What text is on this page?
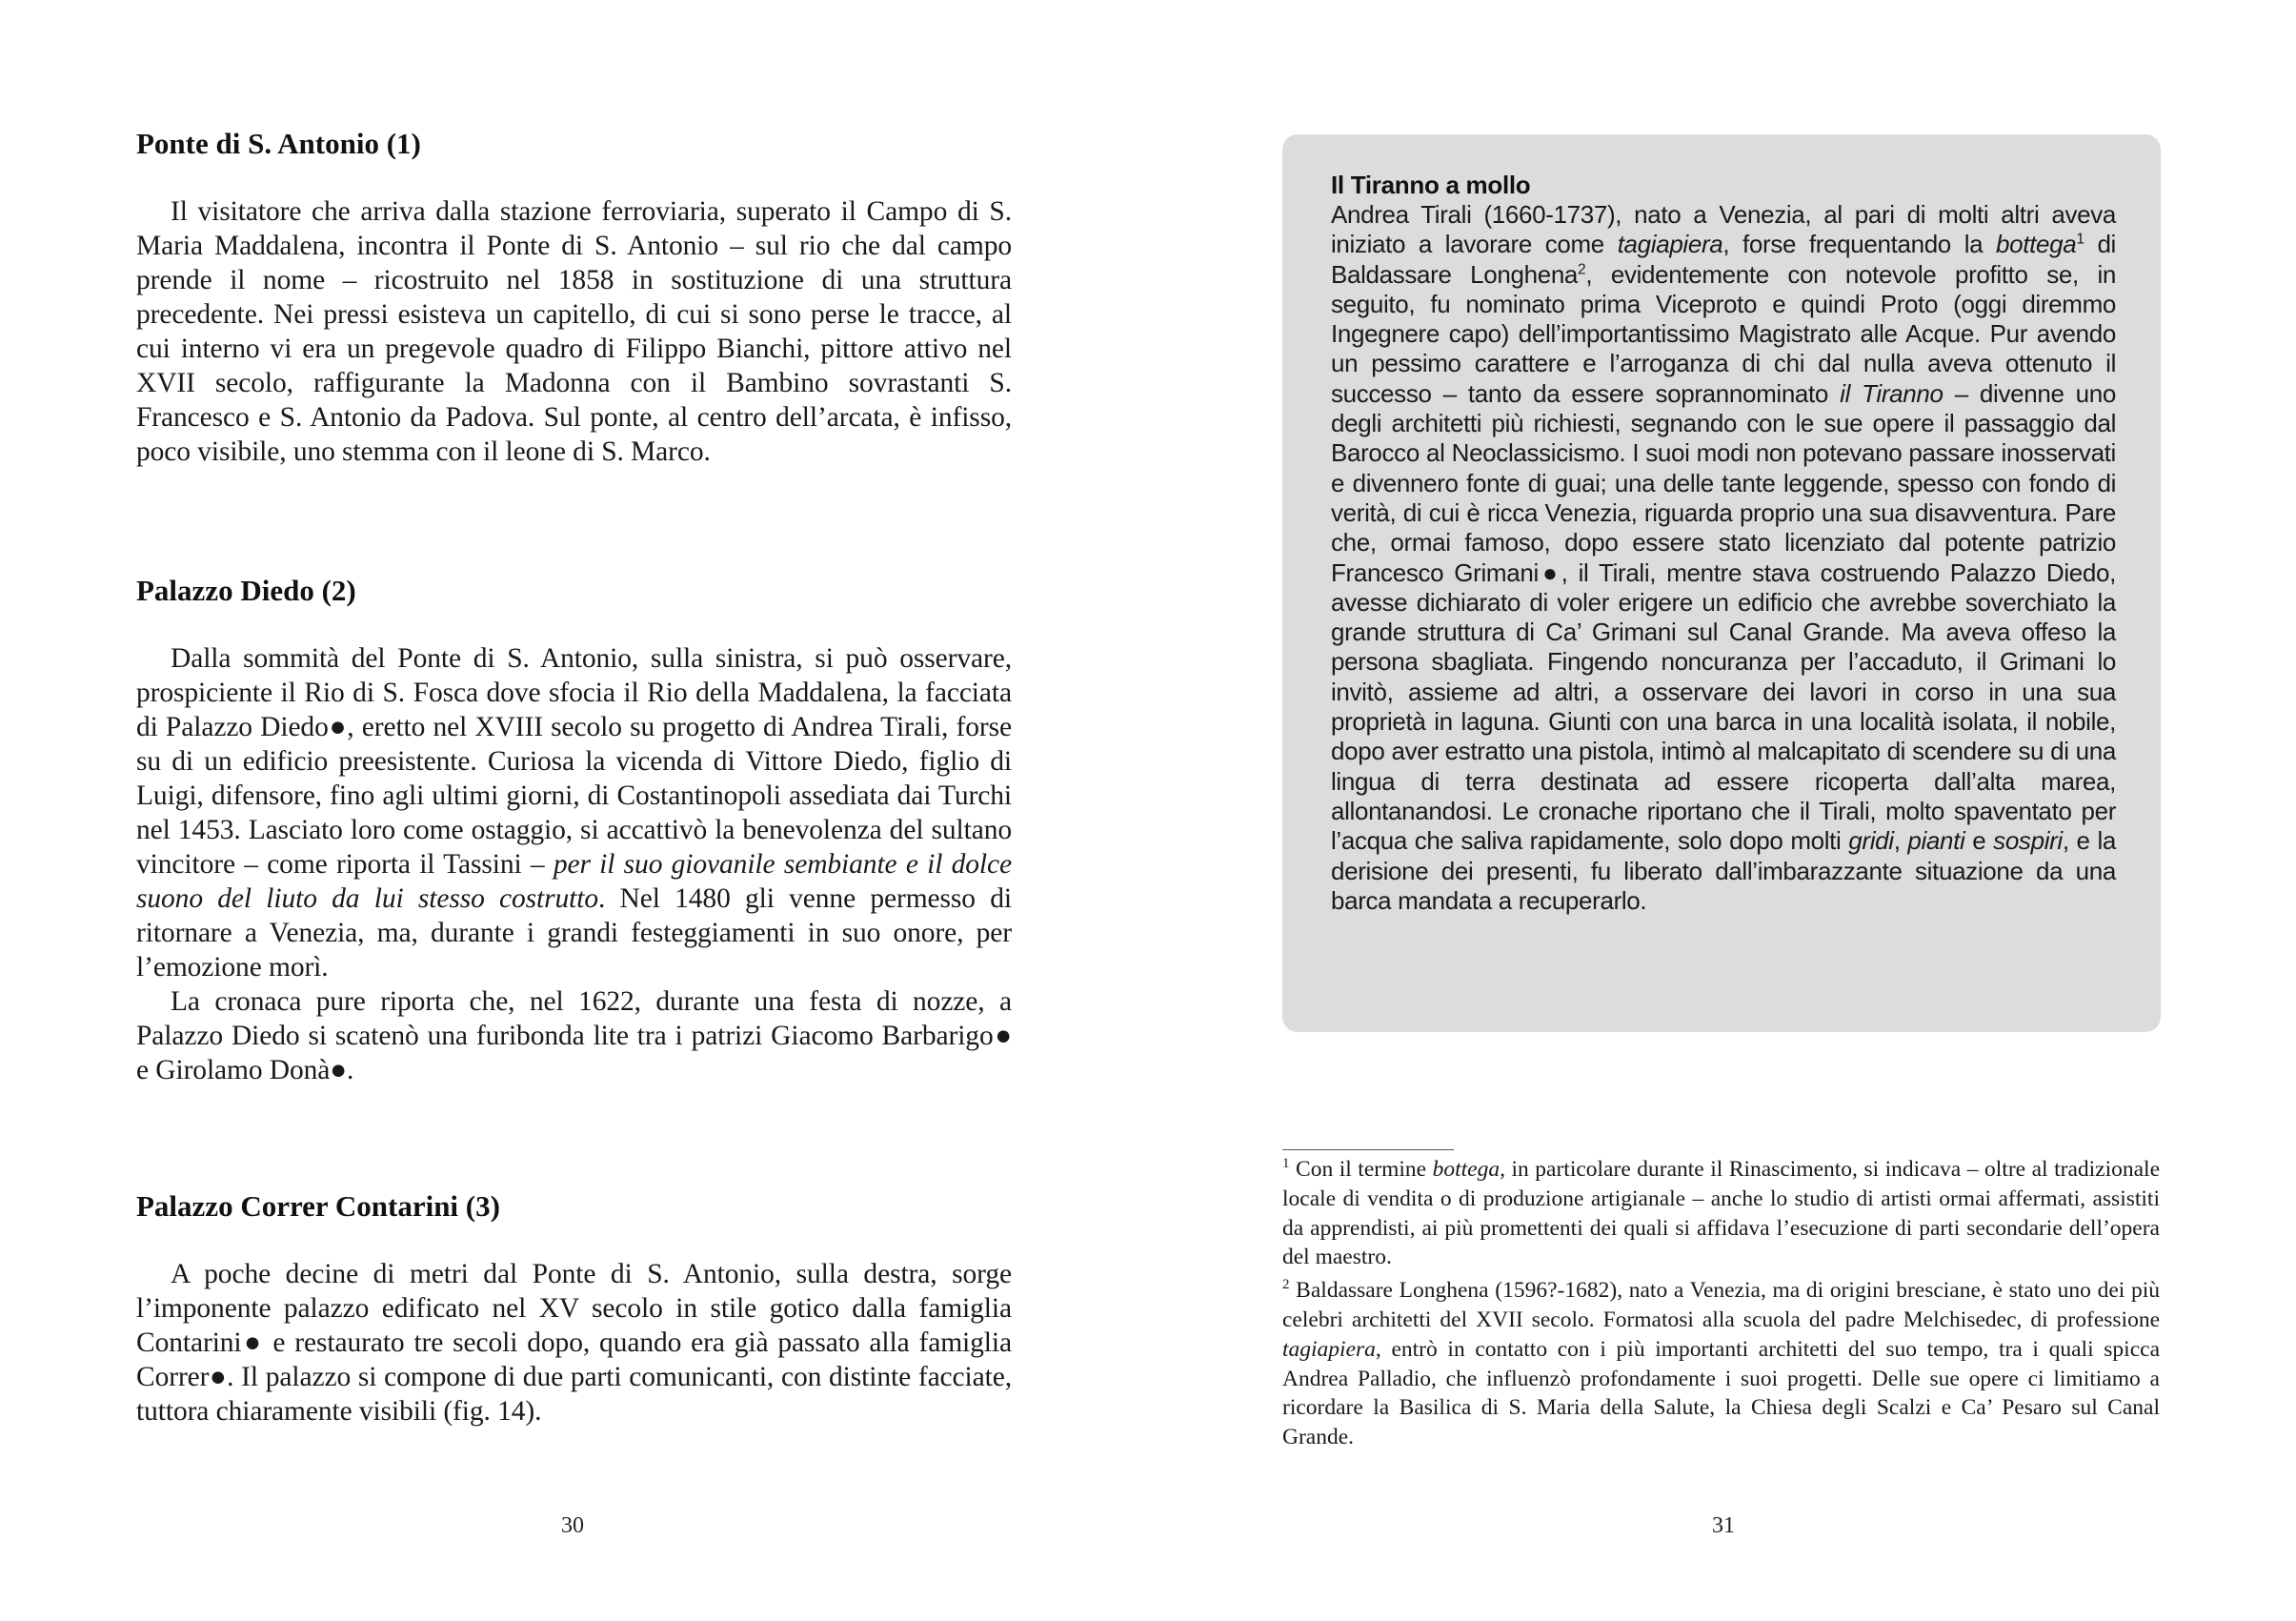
Ponte di S. Antonio (1)

Il visitatore che arriva dalla stazione ferroviaria, superato il Campo di S. Maria Maddalena, incontra il Ponte di S. Antonio – sul rio che dal campo prende il nome – ricostruito nel 1858 in sostituzione di una struttura precedente. Nei pressi esisteva un capitello, di cui si sono perse le tracce, al cui interno vi era un pregevole quadro di Filippo Bianchi, pittore attivo nel XVII secolo, raffigurante la Madonna con il Bambino sovrastanti S. Francesco e S. Antonio da Padova. Sul ponte, al centro dell’arcata, è infisso, poco visibile, uno stemma con il leone di S. Marco.

Palazzo Diedo (2)

Dalla sommità del Ponte di S. Antonio, sulla sinistra, si può osservare, prospiciente il Rio di S. Fosca dove sfocia il Rio della Maddalena, la facciata di Palazzo Diedo●, eretto nel XVIII secolo su progetto di Andrea Tirali, forse su di un edificio preesistente. Curiosa la vicenda di Vittore Diedo, figlio di Luigi, difensore, fino agli ultimi giorni, di Costantinopoli assediata dai Turchi nel 1453. Lasciato loro come ostaggio, si accattivò la benevolenza del sultano vincitore – come riporta il Tassini – per il suo giovanile sembiante e il dolce suono del liuto da lui stesso costrutto. Nel 1480 gli venne permesso di ritornare a Venezia, ma, durante i grandi festeggiamenti in suo onore, per l’emozione morì.

La cronaca pure riporta che, nel 1622, durante una festa di nozze, a Palazzo Diedo si scatenò una furibonda lite tra i patrizi Giacomo Barbarigo● e Girolamo Donà●.

Palazzo Correr Contarini (3)

A poche decine di metri dal Ponte di S. Antonio, sulla destra, sorge l’imponente palazzo edificato nel XV secolo in stile gotico dalla famiglia Contarini● e restaurato tre secoli dopo, quando era già passato alla famiglia Correr●. Il palazzo si compone di due parti comunicanti, con distinte facciate, tuttora chiaramente visibili (fig. 14).

30
Il Tiranno a mollo

Andrea Tirali (1660-1737), nato a Venezia, al pari di molti altri aveva iniziato a lavorare come tagiapiera, forse frequentando la bottega$^1$ di Baldassare Longhena$^2$, evidentemente con notevole profitto se, in seguito, fu nominato prima Viceproto e quindi Proto (oggi diremmo Ingegnere capo) dell’importantissimo Magistrato alle Acque. Pur avendo un pessimo carattere e l’arroganza di chi dal nulla aveva ottenuto il successo – tanto da essere soprannominato il Tiranno – divenne uno degli architetti più richiesti, segnando con le sue opere il passaggio dal Barocco al Neoclassicismo. I suoi modi non potevano passare inosservati e divennero fonte di guai; una delle tante leggende, spesso con fondo di verità, di cui è ricca Venezia, riguarda proprio una sua disavventura. Pare che, ormai famoso, dopo essere stato licenziato dal potente patrizio Francesco Grimani●, il Tirali, mentre stava costruendo Palazzo Diedo, avesse dichiarato di voler erigere un edificio che avrebbe soverchiato la grande struttura di Ca’ Grimani sul Canal Grande. Ma aveva offeso la persona sbagliata. Fingendo noncuranza per l’accaduto, il Grimani lo invitò, assieme ad altri, a osservare dei lavori in corso in una sua proprietà in laguna. Giunti con una barca in una località isolata, il nobile, dopo aver estratto una pistola, intimò al malcapitato di scendere su di una lingua di terra destinata ad essere ricoperta dall’alta marea, allontanandosi. Le cronache riportano che il Tirali, molto spaventato per l’acqua che saliva rapidamente, solo dopo molti gridi, pianti e sospiri, e la derisione dei presenti, fu liberato dall’imbarazzante situazione da una barca mandata a recuperarlo.

$^1$ Con il termine bottega, in particolare durante il Rinascimento, si indicava – oltre al tradizionale locale di vendita o di produzione artigianale – anche lo studio di artisti ormai affermati, assistiti da apprendisti, ai più promettenti dei quali si affidava l’esecuzione di parti secondarie dell’opera del maestro.

$^2$ Baldassare Longhena (1596?-1682), nato a Venezia, ma di origini bresciane, è stato uno dei più celebri architetti del XVII secolo. Formatosi alla scuola del padre Melchisedec, di professione tagiapiera, entrò in contatto con i più importanti architetti del suo tempo, tra i quali spicca Andrea Palladio, che influenzò profondamente i suoi progetti. Delle sue opere ci limitiamo a ricordare la Basilica di S. Maria della Salute, la Chiesa degli Scalzi e Ca’ Pesaro sul Canal Grande.

31
